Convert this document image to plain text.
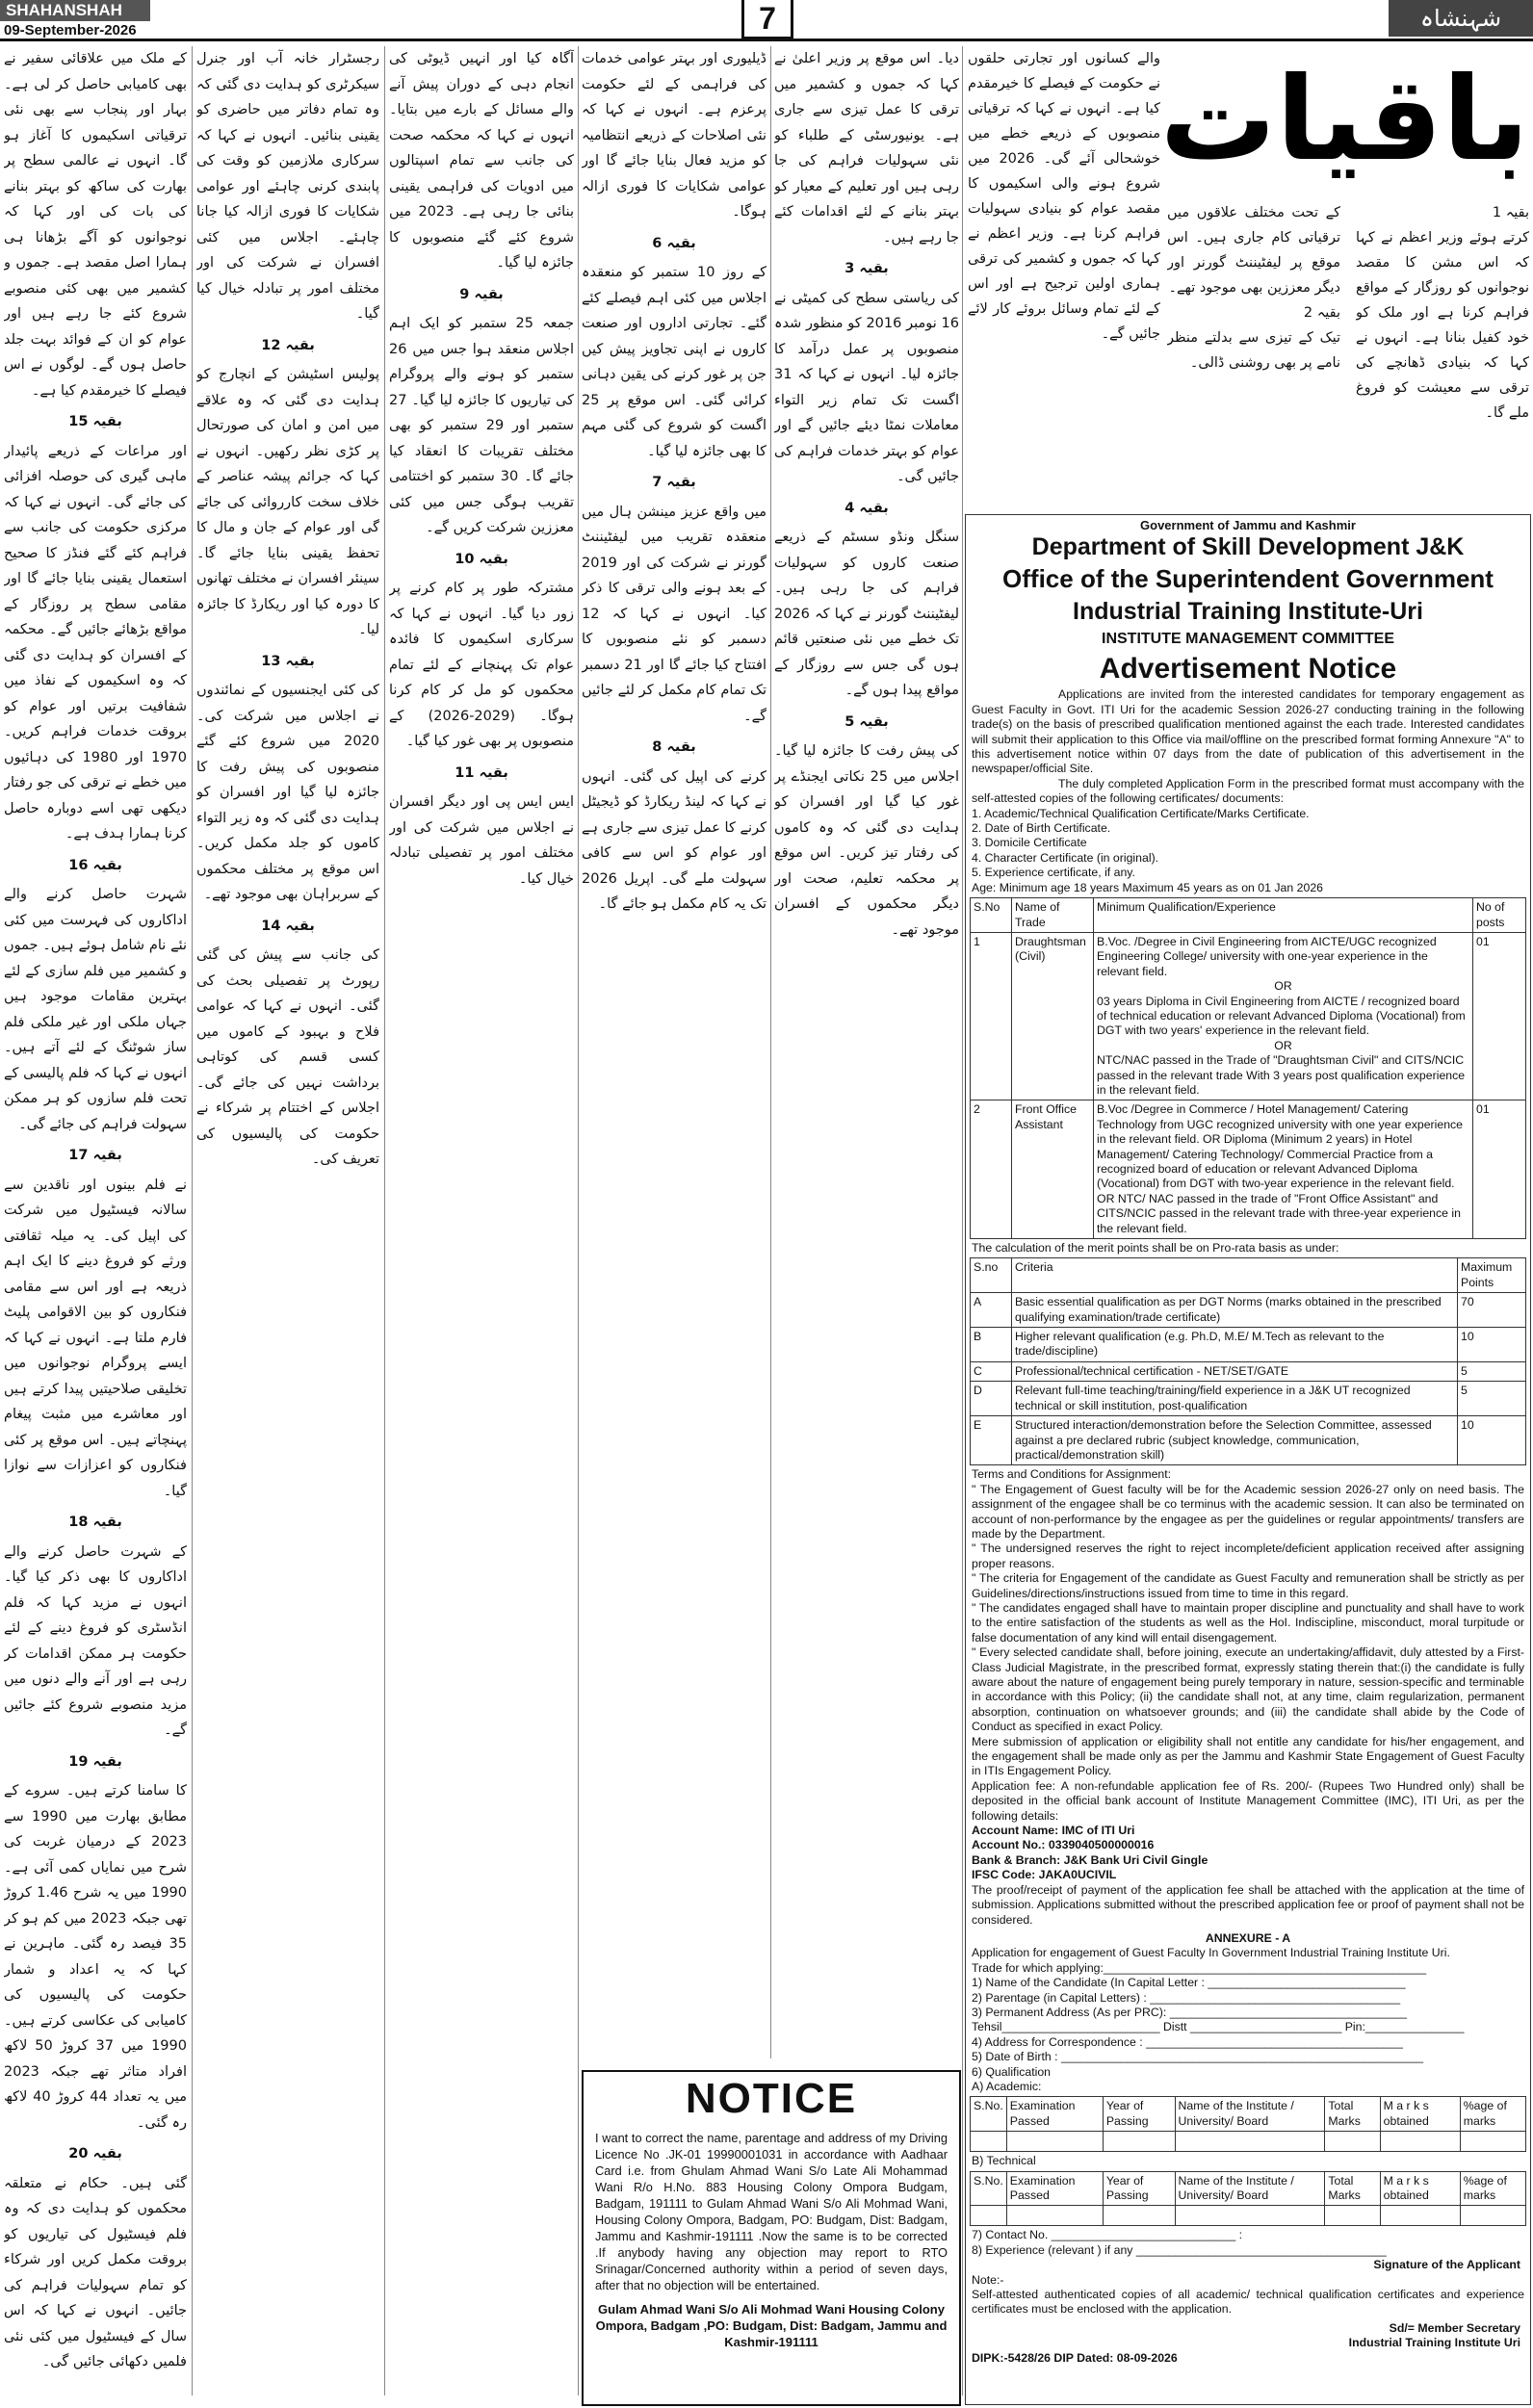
SHAHANSHAH
09-September-2026	7	شہنشاہ

کے ملک میں علاقائی سفیر نے بھی کامیابی حاصل کر لی ہے۔ بہار اور پنجاب سے بھی نئی ترقیاتی اسکیموں کا آغاز ہو گا۔ انہوں نے عالمی سطح پر بھارت کی ساکھ کو بہتر بنانے کی بات کی اور کہا کہ نوجوانوں کو آگے بڑھانا ہی ہمارا اصل مقصد ہے۔ جموں و کشمیر میں بھی کئی منصوبے شروع کئے جا رہے ہیں اور عوام کو ان کے فوائد بہت جلد حاصل ہوں گے۔ لوگوں نے اس فیصلے کا خیرمقدم کیا ہے۔

بقیہ 15

اور مراعات کے ذریعے پائیدار ماہی گیری کی حوصلہ افزائی کی جائے گی۔ انہوں نے کہا کہ مرکزی حکومت کی جانب سے فراہم کئے گئے فنڈز کا صحیح استعمال یقینی بنایا جائے گا اور مقامی سطح پر روزگار کے مواقع بڑھائے جائیں گے۔ محکمہ کے افسران کو ہدایت دی گئی کہ وہ اسکیموں کے نفاذ میں شفافیت برتیں اور عوام کو بروقت خدمات فراہم کریں۔ 1970 اور 1980 کی دہائیوں میں خطے نے ترقی کی جو رفتار دیکھی تھی اسے دوبارہ حاصل کرنا ہمارا ہدف ہے۔

بقیہ 16

شہرت حاصل کرنے والے اداکاروں کی فہرست میں کئی نئے نام شامل ہوئے ہیں۔ جموں و کشمیر میں فلم سازی کے لئے بہترین مقامات موجود ہیں جہاں ملکی اور غیر ملکی فلم ساز شوٹنگ کے لئے آتے ہیں۔ انہوں نے کہا کہ فلم پالیسی کے تحت فلم سازوں کو ہر ممکن سہولت فراہم کی جائے گی۔

بقیہ 17

نے فلم بینوں اور ناقدین سے سالانہ فیسٹیول میں شرکت کی اپیل کی۔ یہ میلہ ثقافتی ورثے کو فروغ دینے کا ایک اہم ذریعہ ہے اور اس سے مقامی فنکاروں کو بین الاقوامی پلیٹ فارم ملتا ہے۔ انہوں نے کہا کہ ایسے پروگرام نوجوانوں میں تخلیقی صلاحیتیں پیدا کرتے ہیں اور معاشرے میں مثبت پیغام پہنچاتے ہیں۔ اس موقع پر کئی فنکاروں کو اعزازات سے نوازا گیا۔

بقیہ 18

کے شہرت حاصل کرنے والے اداکاروں کا بھی ذکر کیا گیا۔ انہوں نے مزید کہا کہ فلم انڈسٹری کو فروغ دینے کے لئے حکومت ہر ممکن اقدامات کر رہی ہے اور آنے والے دنوں میں مزید منصوبے شروع کئے جائیں گے۔

بقیہ 19

کا سامنا کرتے ہیں۔ سروے کے مطابق بھارت میں 1990 سے 2023 کے درمیان غربت کی شرح میں نمایاں کمی آئی ہے۔ 1990 میں یہ شرح 1.46 کروڑ تھی جبکہ 2023 میں کم ہو کر 35 فیصد رہ گئی۔ ماہرین نے کہا کہ یہ اعداد و شمار حکومت کی پالیسیوں کی کامیابی کی عکاسی کرتے ہیں۔ 1990 میں 37 کروڑ 50 لاکھ افراد متاثر تھے جبکہ 2023 میں یہ تعداد 44 کروڑ 40 لاکھ رہ گئی۔

بقیہ 20

گئی ہیں۔ حکام نے متعلقہ محکموں کو ہدایت دی کہ وہ فلم فیسٹیول کی تیاریوں کو بروقت مکمل کریں اور شرکاء کو تمام سہولیات فراہم کی جائیں۔ انہوں نے کہا کہ اس سال کے فیسٹیول میں کئی نئی فلمیں دکھائی جائیں گی۔

رجسٹرار خانہ آب اور جنرل سیکرٹری کو ہدایت دی گئی کہ وہ تمام دفاتر میں حاضری کو یقینی بنائیں۔ انہوں نے کہا کہ سرکاری ملازمین کو وقت کی پابندی کرنی چاہئے اور عوامی شکایات کا فوری ازالہ کیا جانا چاہئے۔ اجلاس میں کئی افسران نے شرکت کی اور مختلف امور پر تبادلہ خیال کیا گیا۔

بقیہ 12

پولیس اسٹیشن کے انچارج کو ہدایت دی گئی کہ وہ علاقے میں امن و امان کی صورتحال پر کڑی نظر رکھیں۔ انہوں نے کہا کہ جرائم پیشہ عناصر کے خلاف سخت کارروائی کی جائے گی اور عوام کے جان و مال کا تحفظ یقینی بنایا جائے گا۔ سینئر افسران نے مختلف تھانوں کا دورہ کیا اور ریکارڈ کا جائزہ لیا۔

بقیہ 13

کی کئی ایجنسیوں کے نمائندوں نے اجلاس میں شرکت کی۔ 2020 میں شروع کئے گئے منصوبوں کی پیش رفت کا جائزہ لیا گیا اور افسران کو ہدایت دی گئی کہ وہ زیر التواء کاموں کو جلد مکمل کریں۔ اس موقع پر مختلف محکموں کے سربراہان بھی موجود تھے۔

بقیہ 14

کی جانب سے پیش کی گئی رپورٹ پر تفصیلی بحث کی گئی۔ انہوں نے کہا کہ عوامی فلاح و بہبود کے کاموں میں کسی قسم کی کوتاہی برداشت نہیں کی جائے گی۔ اجلاس کے اختتام پر شرکاء نے حکومت کی پالیسیوں کی تعریف کی۔

آگاہ کیا اور انہیں ڈیوٹی کی انجام دہی کے دوران پیش آنے والے مسائل کے بارے میں بتایا۔ انہوں نے کہا کہ محکمہ صحت کی جانب سے تمام اسپتالوں میں ادویات کی فراہمی یقینی بنائی جا رہی ہے۔ 2023 میں شروع کئے گئے منصوبوں کا جائزہ لیا گیا۔

بقیہ 9

جمعہ 25 ستمبر کو ایک اہم اجلاس منعقد ہوا جس میں 26 ستمبر کو ہونے والے پروگرام کی تیاریوں کا جائزہ لیا گیا۔ 27 ستمبر اور 29 ستمبر کو بھی مختلف تقریبات کا انعقاد کیا جائے گا۔ 30 ستمبر کو اختتامی تقریب ہوگی جس میں کئی معززین شرکت کریں گے۔

بقیہ 10

مشترکہ طور پر کام کرنے پر زور دیا گیا۔ انہوں نے کہا کہ سرکاری اسکیموں کا فائدہ عوام تک پہنچانے کے لئے تمام محکموں کو مل کر کام کرنا ہوگا۔ (2029-2026) کے منصوبوں پر بھی غور کیا گیا۔

بقیہ 11

ایس ایس پی اور دیگر افسران نے اجلاس میں شرکت کی اور مختلف امور پر تفصیلی تبادلہ خیال کیا۔

ڈیلیوری اور بہتر عوامی خدمات کی فراہمی کے لئے حکومت پرعزم ہے۔ انہوں نے کہا کہ نئی اصلاحات کے ذریعے انتظامیہ کو مزید فعال بنایا جائے گا اور عوامی شکایات کا فوری ازالہ ہوگا۔

بقیہ 6

کے روز 10 ستمبر کو منعقدہ اجلاس میں کئی اہم فیصلے کئے گئے۔ تجارتی اداروں اور صنعت کاروں نے اپنی تجاویز پیش کیں جن پر غور کرنے کی یقین دہانی کرائی گئی۔ اس موقع پر 25 اگست کو شروع کی گئی مہم کا بھی جائزہ لیا گیا۔

بقیہ 7

میں واقع عزیز مینشن ہال میں منعقدہ تقریب میں لیفٹیننٹ گورنر نے شرکت کی اور 2019 کے بعد ہونے والی ترقی کا ذکر کیا۔ انہوں نے کہا کہ 12 دسمبر کو نئے منصوبوں کا افتتاح کیا جائے گا اور 21 دسمبر تک تمام کام مکمل کر لئے جائیں گے۔

بقیہ 8

کرنے کی اپیل کی گئی۔ انہوں نے کہا کہ لینڈ ریکارڈ کو ڈیجیٹل کرنے کا عمل تیزی سے جاری ہے اور عوام کو اس سے کافی سہولت ملے گی۔ اپریل 2026 تک یہ کام مکمل ہو جائے گا۔

دیا۔ اس موقع پر وزیر اعلیٰ نے کہا کہ جموں و کشمیر میں ترقی کا عمل تیزی سے جاری ہے۔ یونیورسٹی کے طلباء کو نئی سہولیات فراہم کی جا رہی ہیں اور تعلیم کے معیار کو بہتر بنانے کے لئے اقدامات کئے جا رہے ہیں۔

بقیہ 3

کی ریاستی سطح کی کمیٹی نے 16 نومبر 2016 کو منظور شدہ منصوبوں پر عمل درآمد کا جائزہ لیا۔ انہوں نے کہا کہ 31 اگست تک تمام زیر التواء معاملات نمٹا دیئے جائیں گے اور عوام کو بہتر خدمات فراہم کی جائیں گی۔

بقیہ 4

سنگل ونڈو سسٹم کے ذریعے صنعت کاروں کو سہولیات فراہم کی جا رہی ہیں۔ لیفٹیننٹ گورنر نے کہا کہ 2026 تک خطے میں نئی صنعتیں قائم ہوں گی جس سے روزگار کے مواقع پیدا ہوں گے۔

بقیہ 5

کی پیش رفت کا جائزہ لیا گیا۔ اجلاس میں 25 نکاتی ایجنڈے پر غور کیا گیا اور افسران کو ہدایت دی گئی کہ وہ کاموں کی رفتار تیز کریں۔ اس موقع پر محکمہ تعلیم، صحت اور دیگر محکموں کے افسران موجود تھے۔

والے کسانوں اور تجارتی حلقوں نے حکومت کے فیصلے کا خیرمقدم کیا ہے۔ انہوں نے کہا کہ ترقیاتی منصوبوں کے ذریعے خطے میں خوشحالی آئے گی۔ 2026 میں شروع ہونے والی اسکیموں کا مقصد عوام کو بنیادی سہولیات فراہم کرنا ہے۔ وزیر اعظم نے کہا کہ جموں و کشمیر کی ترقی ہماری اولین ترجیح ہے اور اس کے لئے تمام وسائل بروئے کار لائے جائیں گے۔
باقیات
بقیہ 1
کرتے ہوئے وزیر اعظم نے کہا کہ اس مشن کا مقصد نوجوانوں کو روزگار کے مواقع فراہم کرنا ہے اور ملک کو خود کفیل بنانا ہے۔ انہوں نے کہا کہ بنیادی ڈھانچے کی ترقی سے معیشت کو فروغ ملے گا۔
کے تحت مختلف علاقوں میں ترقیاتی کام جاری ہیں۔ اس موقع پر لیفٹیننٹ گورنر اور دیگر معززین بھی موجود تھے۔
بقیہ 2
تیک کے تیزی سے بدلتے منظر نامے پر بھی روشنی ڈالی۔
Government of Jammu and Kashmir
Department of Skill Development J&K
Office of the Superintendent Government
Industrial Training Institute-Uri
INSTITUTE MANAGEMENT COMMITTEE
Advertisement Notice
Applications are invited from the interested candidates for temporary engagement as Guest Faculty in Govt. ITI Uri for the academic Session 2026-27 conducting training in the following trade(s) on the basis of prescribed qualification mentioned against the each trade. Interested candidates will submit their application to this Office via mail/offline on the prescribed format forming Annexure "A" to this advertisement notice within 07 days from the date of publication of this advertisement in the newspaper/official Site.
The duly completed Application Form in the prescribed format must accompany with the self-attested copies of the following certificates/ documents:
1. Academic/Technical Qualification Certificate/Marks Certificate.
2. Date of Birth Certificate.
3. Domicile Certificate
4. Character Certificate (in original).
5. Experience certificate, if any.
Age: Minimum age 18 years Maximum 45 years as on 01 Jan 2026
S.No	Name of Trade	Minimum Qualification/Experience	No of posts
1	Draughtsman (Civil)	B.Voc. /Degree in Civil Engineering from AICTE/UGC recognized Engineering College/ university with one-year experience in the relevant field.
OR
03 years Diploma in Civil Engineering from AICTE / recognized board of technical education or relevant Advanced Diploma (Vocational) from DGT with two years' experience in the relevant field.
OR
NTC/NAC passed in the Trade of "Draughtsman Civil" and CITS/NCIC passed in the relevant trade With 3 years post qualification experience in the relevant field.	01
2	Front Office Assistant	B.Voc /Degree in Commerce / Hotel Management/ Catering Technology from UGC recognized university with one year experience in the relevant field. OR Diploma (Minimum 2 years) in Hotel Management/ Catering Technology/ Commercial Practice from a recognized board of education or relevant Advanced Diploma (Vocational) from DGT with two-year experience in the relevant field. OR NTC/ NAC passed in the trade of "Front Office Assistant" and CITS/NCIC passed in the relevant trade with three-year experience in the relevant field.	01
The calculation of the merit points shall be on Pro-rata basis as under:
S.no	Criteria	Maximum Points
A	Basic essential qualification as per DGT Norms (marks obtained in the prescribed qualifying examination/trade certificate)	70
B	Higher relevant qualification (e.g. Ph.D, M.E/ M.Tech as relevant to the trade/discipline)	10
C	Professional/technical certification - NET/SET/GATE	5
D	Relevant full-time teaching/training/field experience in a J&K UT recognized technical or skill institution, post-qualification	5
E	Structured interaction/demonstration before the Selection Committee, assessed against a pre declared rubric (subject knowledge, communication, practical/demonstration skill)	10
Terms and Conditions for Assignment:
" The Engagement of Guest faculty will be for the Academic session 2026-27 only on need basis. The assignment of the engagee shall be co terminus with the academic session. It can also be terminated on account of non-performance by the engagee as per the guidelines or regular appointments/ transfers are made by the Department.
" The undersigned reserves the right to reject incomplete/deficient application received after assigning proper reasons.
" The criteria for Engagement of the candidate as Guest Faculty and remuneration shall be strictly as per Guidelines/directions/instructions issued from time to time in this regard.
" The candidates engaged shall have to maintain proper discipline and punctuality and shall have to work to the entire satisfaction of the students as well as the HoI. Indiscipline, misconduct, moral turpitude or false documentation of any kind will entail disengagement.
" Every selected candidate shall, before joining, execute an undertaking/affidavit, duly attested by a First-Class Judicial Magistrate, in the prescribed format, expressly stating therein that:(i) the candidate is fully aware about the nature of engagement being purely temporary in nature, session-specific and terminable in accordance with this Policy; (ii) the candidate shall not, at any time, claim regularization, permanent absorption, continuation on whatsoever grounds; and (iii) the candidate shall abide by the Code of Conduct as specified in exact Policy.
Mere submission of application or eligibility shall not entitle any candidate for his/her engagement, and the engagement shall be made only as per the Jammu and Kashmir State Engagement of Guest Faculty in ITIs Engagement Policy.
Application fee: A non-refundable application fee of Rs. 200/- (Rupees Two Hundred only) shall be deposited in the official bank account of Institute Management Committee (IMC), ITI Uri, as per the following details:
Account Name: IMC of ITI Uri
Account No.: 0339040500000016
Bank & Branch: J&K Bank Uri Civil Gingle
IFSC Code: JAKA0UCIVIL
The proof/receipt of payment of the application fee shall be attached with the application at the time of submission. Applications submitted without the prescribed application fee or proof of payment shall not be considered.
ANNEXURE - A
Application for engagement of Guest Faculty In Government Industrial Training Institute Uri.
Trade for which applying:_________________________________________________
1) Name of the Candidate (In Capital Letter : ______________________________
2) Parentage (in Capital Letters) : ______________________________________
3) Permanent Address (As per PRC): ____________________________________
Tehsil________________________ Distt _______________________ Pin:_______________
4) Address for Correspondence : _______________________________________
5) Date of Birth : _______________________________________________________
6) Qualification
A) Academic:
S.No.	Examination Passed	Year of Passing	Name of the Institute / University/ Board	Total Marks	M a r k s obtained	%age of marks

B) Technical
S.No.	Examination Passed	Year of Passing	Name of the Institute / University/ Board	Total Marks	M a r k s obtained	%age of marks

7) Contact No. ____________________________ :
8) Experience (relevant ) if any ______________________________________
Signature of the Applicant
Note:-
Self-attested authenticated copies of all academic/ technical qualification certificates and experience certificates must be enclosed with the application.
Sd/= Member Secretary
Industrial Training Institute Uri
DIPK:-5428/26 DIP Dated: 08-09-2026
NOTICE
I want to correct the name, parentage and address of my Driving Licence No .JK-01 19990001031 in accordance with Aadhaar Card i.e. from Ghulam Ahmad Wani S/o Late Ali Mohammad Wani R/o H.No. 883 Housing Colony Ompora Budgam, Badgam, 191111 to Gulam Ahmad Wani S/o Ali Mohmad Wani, Housing Colony Ompora, Badgam, PO: Budgam, Dist: Badgam, Jammu and Kashmir-191111 .Now the same is to be corrected .If anybody having any objection may report to RTO Srinagar/Concerned authority within a period of seven days, after that no objection will be entertained.
Gulam Ahmad Wani S/o Ali Mohmad Wani Housing Colony Ompora, Badgam ,PO: Budgam, Dist: Badgam, Jammu and Kashmir-191111
